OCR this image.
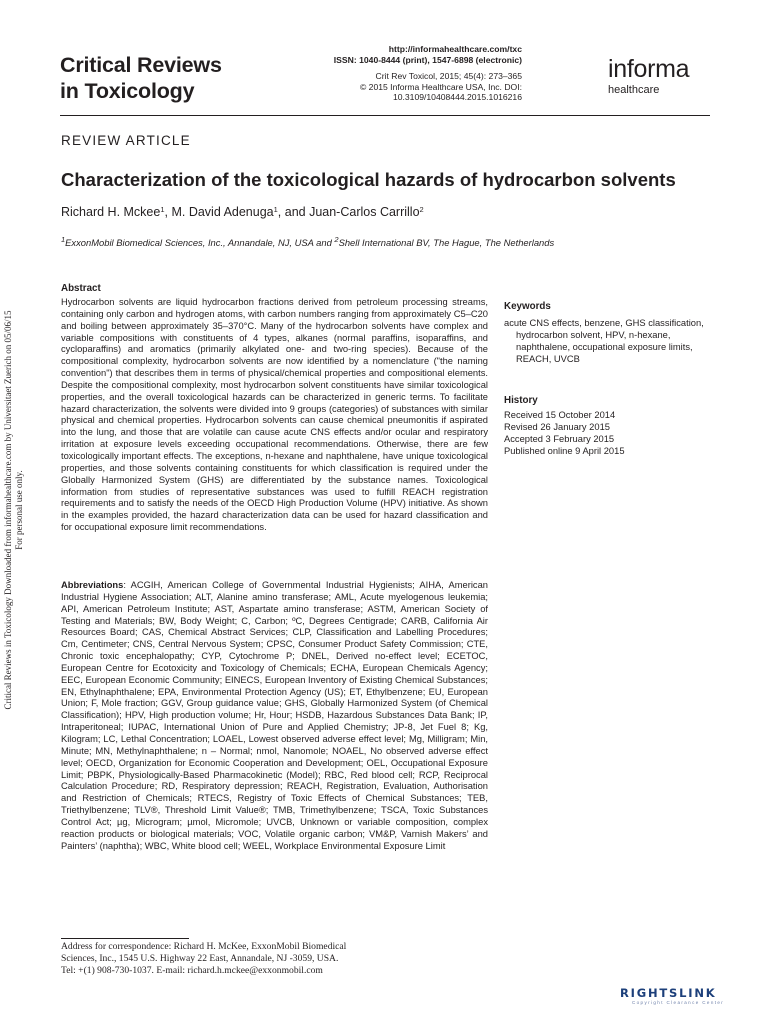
Critical Reviews
in Toxicology
http://informahealthcare.com/txc
ISSN: 1040-8444 (print), 1547-6898 (electronic)
Crit Rev Toxicol, 2015; 45(4): 273–365
© 2015 Informa Healthcare USA, Inc. DOI: 10.3109/10408444.2015.1016216
informa
healthcare
REVIEW ARTICLE
Characterization of the toxicological hazards of hydrocarbon solvents
Richard H. Mckee$^1$, M. David Adenuga$^1$, and Juan-Carlos Carrillo$^2$
$^1$ExxonMobil Biomedical Sciences, Inc., Annandale, NJ, USA and $^2$Shell International BV, The Hague, The Netherlands
Critical Reviews in Toxicology Downloaded from informahealthcare.com by Universitaet Zuerich on 05/06/15 For personal use only.
Abstract

Hydrocarbon solvents are liquid hydrocarbon fractions derived from petroleum processing streams, containing only carbon and hydrogen atoms, with carbon numbers ranging from approximately C5–C20 and boiling between approximately 35–370°C. Many of the hydrocarbon solvents have complex and variable compositions with constituents of 4 types, alkanes (normal paraffins, isoparaffins, and cycloparaffins) and aromatics (primarily alkylated one- and two-ring species). Because of the compositional complexity, hydrocarbon solvents are now identified by a nomenclature ("the naming convention") that describes them in terms of physical/chemical properties and compositional elements. Despite the compositional complexity, most hydrocarbon solvent constituents have similar toxicological properties, and the overall toxicological hazards can be characterized in generic terms. To facilitate hazard characterization, the solvents were divided into 9 groups (categories) of substances with similar physical and chemical properties. Hydrocarbon solvents can cause chemical pneumonitis if aspirated into the lung, and those that are volatile can cause acute CNS effects and/or ocular and respiratory irritation at exposure levels exceeding occupational recommendations. Otherwise, there are few toxicologically important effects. The exceptions, n-hexane and naphthalene, have unique toxicological properties, and those solvents containing constituents for which classification is required under the Globally Harmonized System (GHS) are differentiated by the substance names. Toxicological information from studies of representative substances was used to fulfill REACH registration requirements and to satisfy the needs of the OECD High Production Volume (HPV) initiative. As shown in the examples provided, the hazard characterization data can be used for hazard classification and for occupational exposure limit recommendations.

Abbreviations: ACGIH, American College of Governmental Industrial Hygienists; AIHA, American Industrial Hygiene Association; ALT, Alanine amino transferase; AML, Acute myelogenous leukemia; API, American Petroleum Institute; AST, Aspartate amino transferase; ASTM, American Society of Testing and Materials; BW, Body Weight; C, Carbon; ºC, Degrees Centigrade; CARB, California Air Resources Board; CAS, Chemical Abstract Services; CLP, Classification and Labelling Procedures; Cm, Centimeter; CNS, Central Nervous System; CPSC, Consumer Product Safety Commission; CTE, Chronic toxic encephalopathy; CYP, Cytochrome P; DNEL, Derived no-effect level; ECETOC, European Centre for Ecotoxicity and Toxicology of Chemicals; ECHA, European Chemicals Agency; EEC, European Economic Community; EINECS, European Inventory of Existing Chemical Substances; EN, Ethylnaphthalene; EPA, Environmental Protection Agency (US); ET, Ethylbenzene; EU, European Union; F, Mole fraction; GGV, Group guidance value; GHS, Globally Harmonized System (of Chemical Classification); HPV, High production volume; Hr, Hour; HSDB, Hazardous Substances Data Bank; IP, Intraperitoneal; IUPAC, International Union of Pure and Applied Chemistry; JP-8, Jet Fuel 8; Kg, Kilogram; LC, Lethal Concentration; LOAEL, Lowest observed adverse effect level; Mg, Milligram; Min, Minute; MN, Methylnaphthalene; n – Normal; nmol, Nanomole; NOAEL, No observed adverse effect level; OECD, Organization for Economic Cooperation and Development; OEL, Occupational Exposure Limit; PBPK, Physiologically-Based Pharmacokinetic (Model); RBC, Red blood cell; RCP, Reciprocal Calculation Procedure; RD, Respiratory depression; REACH, Registration, Evaluation, Authorisation and Restriction of Chemicals; RTECS, Registry of Toxic Effects of Chemical Substances; TEB, Triethylbenzene; TLV®, Threshold Limit Value®; TMB, Trimethylbenzene; TSCA, Toxic Substances Control Act; µg, Microgram; µmol, Micromole; UVCB, Unknown or variable composition, complex reaction products or biological materials; VOC, Volatile organic carbon; VM&P, Varnish Makers’ and Painters’ (naphtha); WBC, White blood cell; WEEL, Workplace Environmental Exposure Limit

Keywords

acute CNS effects, benzene, GHS classification, hydrocarbon solvent, HPV, n-hexane, naphthalene, occupational exposure limits, REACH, UVCB

History
Received 15 October 2014
Revised 26 January 2015
Accepted 3 February 2015
Published online 9 April 2015
Address for correspondence: Richard H. McKee, ExxonMobil Biomedical
Sciences, Inc., 1545 U.S. Highway 22 East, Annandale, NJ -3059, USA.
Tel: +(1) 908-730-1037. E-mail: richard.h.mckee@exxonmobil.com
RIGHTSLINK
Copyright Clearance Center
